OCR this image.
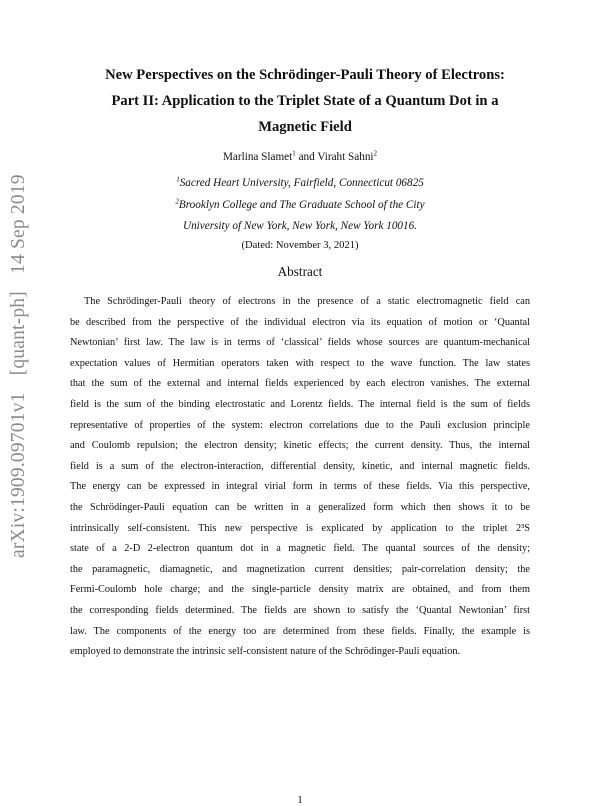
arXiv:1909.09701v1 [quant-ph] 14 Sep 2019
New Perspectives on the Schrödinger-Pauli Theory of Electrons:
Part II: Application to the Triplet State of a Quantum Dot in a
Magnetic Field
Marlina Slamet$^1$ and Viraht Sahni$^2$
$^1$Sacred Heart University, Fairfield, Connecticut 06825
$^2$Brooklyn College and The Graduate School of the City
University of New York, New York, New York 10016.
(Dated: November 3, 2021)
Abstract
The Schrödinger-Pauli theory of electrons in the presence of a static electromagnetic field can
be described from the perspective of the individual electron via its equation of motion or ‘Quantal
Newtonian’ first law. The law is in terms of ‘classical’ fields whose sources are quantum-mechanical
expectation values of Hermitian operators taken with respect to the wave function. The law states
that the sum of the external and internal fields experienced by each electron vanishes. The external
field is the sum of the binding electrostatic and Lorentz fields. The internal field is the sum of fields
representative of properties of the system: electron correlations due to the Pauli exclusion principle
and Coulomb repulsion; the electron density; kinetic effects; the current density. Thus, the internal
field is a sum of the electron-interaction, differential density, kinetic, and internal magnetic fields.
The energy can be expressed in integral virial form in terms of these fields. Via this perspective,
the Schrödinger-Pauli equation can be written in a generalized form which then shows it to be
intrinsically self-consistent. This new perspective is explicated by application to the triplet 2³S
state of a 2-D 2-electron quantum dot in a magnetic field. The quantal sources of the density;
the paramagnetic, diamagnetic, and magnetization current densities; pair-correlation density; the
Fermi-Coulomb hole charge; and the single-particle density matrix are obtained, and from them
the corresponding fields determined. The fields are shown to satisfy the ‘Quantal Newtonian’ first
law. The components of the energy too are determined from these fields. Finally, the example is
employed to demonstrate the intrinsic self-consistent nature of the Schrödinger-Pauli equation.
1
